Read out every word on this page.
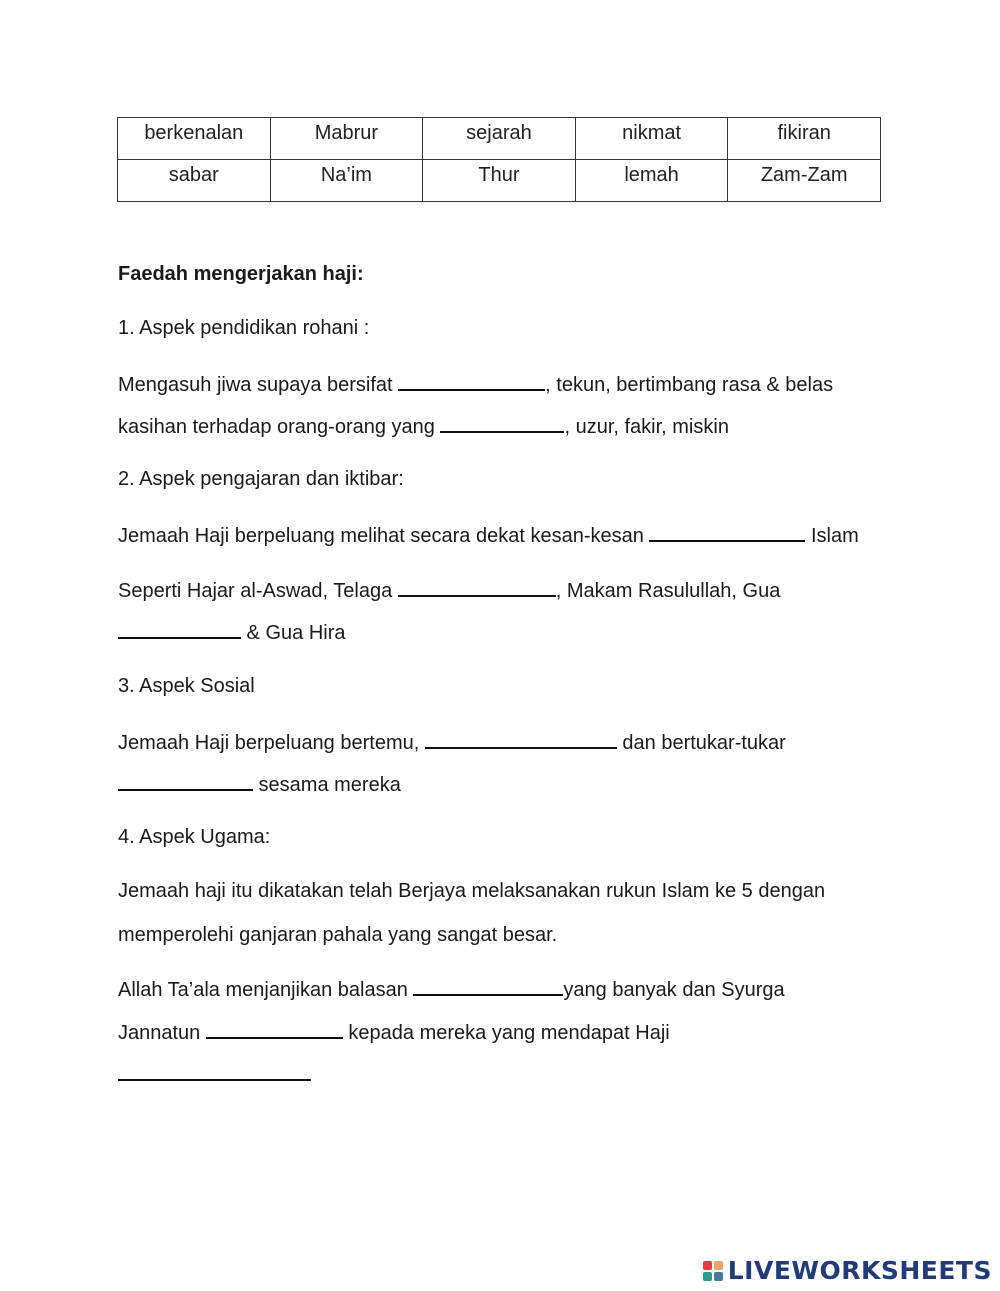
berkenalan	Mabrur	sejarah	nikmat	fikiran
sabar	Na’im	Thur	lemah	Zam-Zam
Faedah mengerjakan haji:
1. Aspek pendidikan rohani :
Mengasuh jiwa supaya bersifat	, tekun, bertimbang rasa & belas
kasihan terhadap orang-orang yang	, uzur, fakir, miskin
2. Aspek pengajaran dan iktibar:
Jemaah Haji berpeluang melihat secara dekat kesan-kesan	Islam
Seperti Hajar al-Aswad, Telaga	, Makam Rasulullah, Gua
& Gua Hira
3. Aspek Sosial
Jemaah Haji berpeluang bertemu,	dan bertukar-tukar
sesama mereka
4. Aspek Ugama:
Jemaah haji itu dikatakan telah Berjaya melaksanakan rukun Islam ke 5 dengan
memperolehi ganjaran pahala yang sangat besar.
Allah Ta’ala menjanjikan balasan	yang banyak dan Syurga
Jannatun	kepada mereka yang mendapat Haji
LIVEWORKSHEETS
